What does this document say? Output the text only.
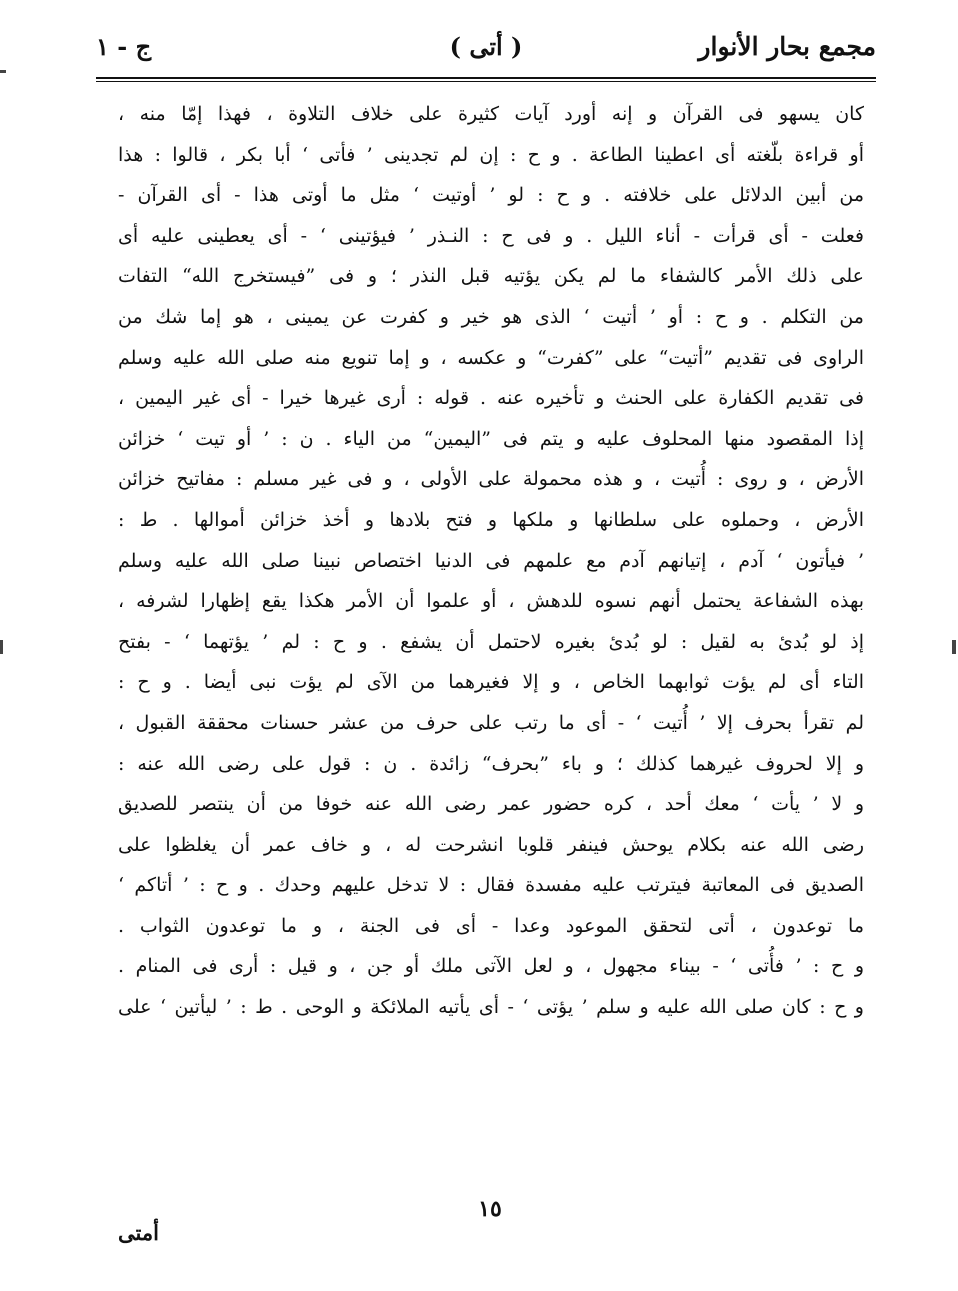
مجمع بحار الأنوار
( أتى )
ج - ١
كان يسهو فى القرآن و إنه أورد آيات كثيرة على خلاف التلاوة ، فهذا إمّا منه ،
أو قراءة بلّغته أى اعطينا الطاعة . و ح : إن لم تجدينى ’ فأتى ‘ أبا بكر ، قالوا : هذا
من أبين الدلائل على خلافته . و ح : لو ’ أوتيت ‘ مثل ما أوتى هذا - أى القرآن -
فعلت - أى قرأت - أناء الليل . و فى ح : النـذر ’ فيؤتينى ‘ - أى يعطينى عليه أى
على ذلك الأمر كالشفاء ما لم يكن يؤتيه قبل النذر ؛ و فى ”فيستخرج الله“ التفات
من التكلم . و ح : أو ’ أتيت ‘ الذى هو خير و كفرت عن يمينى ، هو إما شك من
الراوى فى تقديم ”أتيت“ على ”كفرت“ و عكسه ، و إما تنويع منه صلى الله عليه وسلم
فى تقديم الكفارة على الحنث و تأخيره عنه . قوله : أرى غيرها خيرا - أى غير اليمين ،
إذا المقصود منها المحلوف عليه و يتم فى ”اليمين“ من الياء . ن : ’ أو تيت ‘ خزائن
الأرض ، و روى : أُتيت ، و هذه محمولة على الأولى ، و فى غير مسلم : مفاتيح خزائن
الأرض ، وحملوه على سلطانها و ملكها و فتح بلادها و أخذ خزائن أموالها . ط :
’ فيأتون ‘ آدم ، إتيانهم آدم مع علمهم فى الدنيا اختصاص نبينا صلى الله عليه وسلم
بهذه الشفاعة يحتمل أنهم نسوه للدهش ، أو علموا أن الأمر هكذا يقع إظهارا لشرفه ،
إذ لو بُدئ به لقيل : لو بُدئ بغيره لاحتمل أن يشفع . و ح : لم ’ يؤتهما ‘ - بفتح
التاء أى لم يؤت ثوابهما الخاص ، و إلا فغيرهما من الآى لم يؤت نبى أيضا . و ح :
لم تقرأ بحرف إلا ’ أُتيت ‘ - أى ما رتب على حرف من عشر حسنات محققة القبول ،
و إلا لحروف غيرهما كذلك ؛ و باء ”بحرف“ زائدة . ن : قول على رضى الله عنه :
و لا ’ يأت ‘ معك أحد ، كره حضور عمر رضى الله عنه خوفا من أن ينتصر للصديق
رضى الله عنه بكلام يوحش فينفر قلوبا انشرحت له ، و خاف عمر أن يغلظوا على
الصديق فى المعاتبة فيترتب عليه مفسدة فقال : لا تدخل عليهم وحدك . و ح : ’ أتاكم ‘
ما توعدون ، أتى لتحقق الموعود وعدا - أى فى الجنة ، و ما توعدون الثواب .
و ح : ’ فأُتى ‘ - بيناء مجهول ، و لعل الآتى ملك أو جن ، و قيل : أرى فى المنام .
و ح : كان صلى الله عليه و سلم ’ يؤتى ‘ - أى يأتيه الملائكة و الوحى . ط : ’ ليأتين ‘ على
١٥
أمتى
